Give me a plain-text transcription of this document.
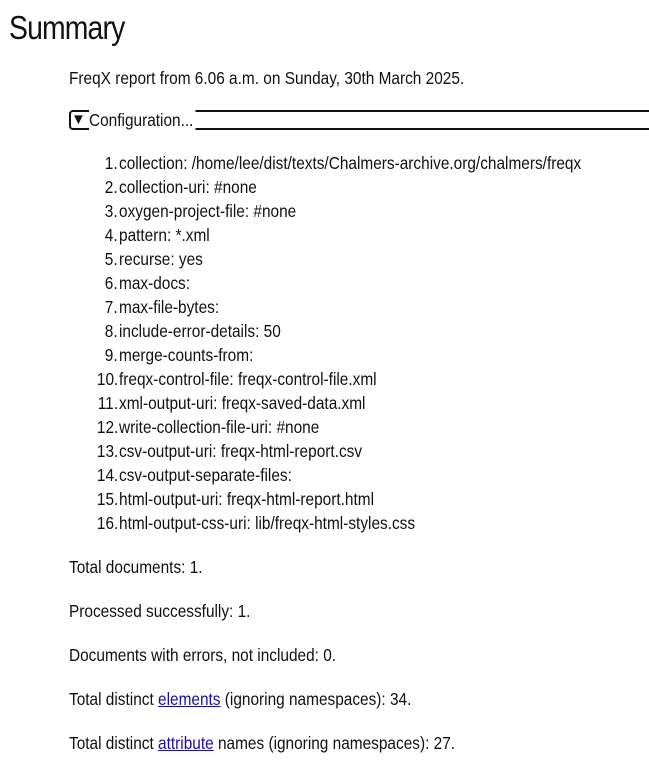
Summary

FreqX report from 6.06 a.m. on Sunday, 30th March 2025.

▼ Configuration...
1. collection: /home/lee/dist/texts/Chalmers-archive.org/chalmers/freqx
2. collection-uri: #none
3. oxygen-project-file: #none
4. pattern: *.xml
5. recurse: yes
6. max-docs:
7. max-file-bytes:
8. include-error-details: 50
9. merge-counts-from:
10. freqx-control-file: freqx-control-file.xml
11. xml-output-uri: freqx-saved-data.xml
12. write-collection-file-uri: #none
13. csv-output-uri: freqx-html-report.csv
14. csv-output-separate-files:
15. html-output-uri: freqx-html-report.html
16. html-output-css-uri: lib/freqx-html-styles.css

Total documents: 1.

Processed successfully: 1.

Documents with errors, not included: 0.

Total distinct elements (ignoring namespaces): 34.

Total distinct attribute names (ignoring namespaces): 27.
